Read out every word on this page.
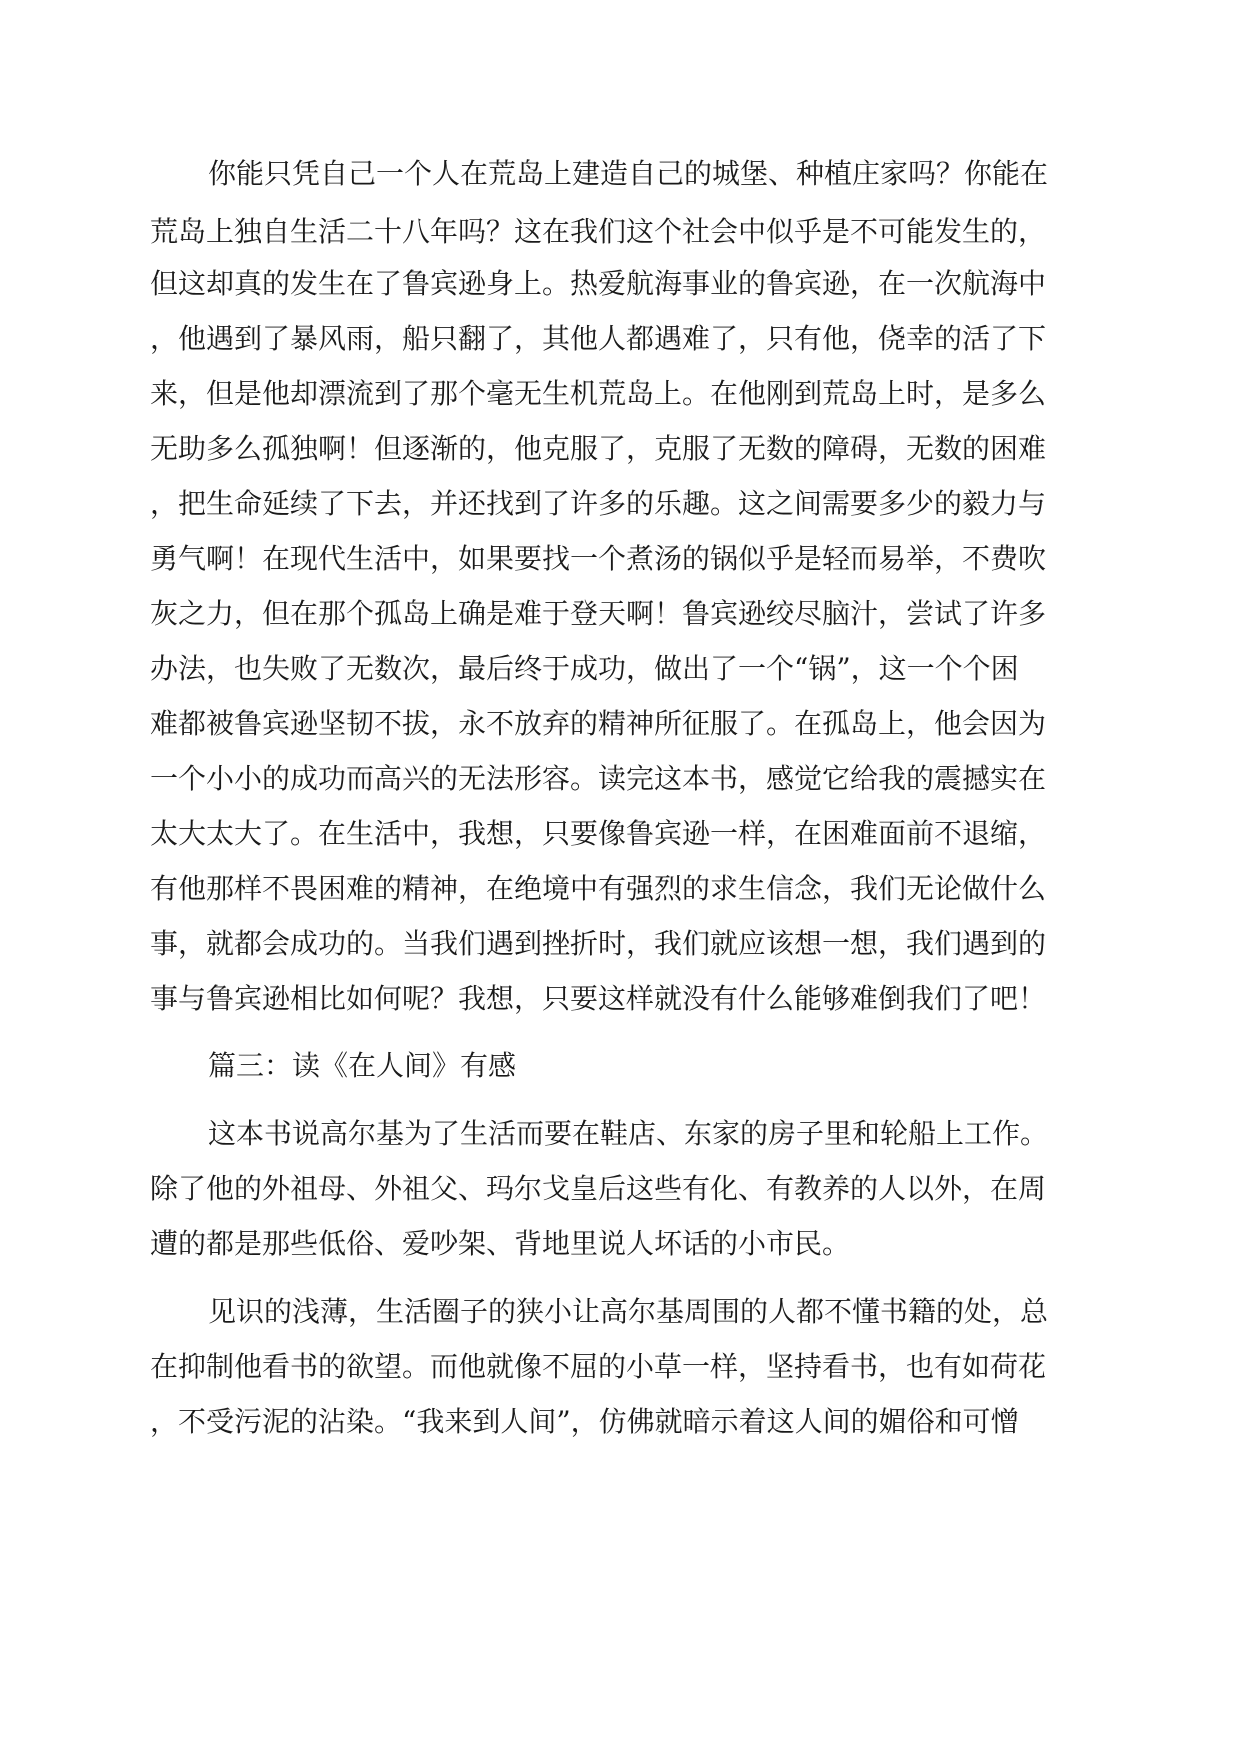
你能只凭自己一个人在荒岛上建造自己的城堡、种植庄家吗？你能在
荒岛上独自生活二十八年吗？这在我们这个社会中似乎是不可能发生的，
但这却真的发生在了鲁宾逊身上。热爱航海事业的鲁宾逊，在一次航海中
，他遇到了暴风雨，船只翻了，其他人都遇难了，只有他，侥幸的活了下
来，但是他却漂流到了那个毫无生机荒岛上。在他刚到荒岛上时，是多么
无助多么孤独啊！但逐渐的，他克服了，克服了无数的障碍，无数的困难
，把生命延续了下去，并还找到了许多的乐趣。这之间需要多少的毅力与
勇气啊！在现代生活中，如果要找一个煮汤的锅似乎是轻而易举，不费吹
灰之力，但在那个孤岛上确是难于登天啊！鲁宾逊绞尽脑汁，尝试了许多
办法，也失败了无数次，最后终于成功，做出了一个“锅”，这一个个困
难都被鲁宾逊坚韧不拔，永不放弃的精神所征服了。在孤岛上，他会因为
一个小小的成功而高兴的无法形容。读完这本书，感觉它给我的震撼实在
太大太大了。在生活中，我想，只要像鲁宾逊一样，在困难面前不退缩，
有他那样不畏困难的精神，在绝境中有强烈的求生信念，我们无论做什么
事，就都会成功的。当我们遇到挫折时，我们就应该想一想，我们遇到的
事与鲁宾逊相比如何呢？我想，只要这样就没有什么能够难倒我们了吧！
篇三：读《在人间》有感
这本书说高尔基为了生活而要在鞋店、东家的房子里和轮船上工作。
除了他的外祖母、外祖父、玛尔戈皇后这些有化、有教养的人以外，在周
遭的都是那些低俗、爱吵架、背地里说人坏话的小市民。
见识的浅薄，生活圈子的狭小让高尔基周围的人都不懂书籍的处，总
在抑制他看书的欲望。而他就像不屈的小草一样，坚持看书，也有如荷花
，不受污泥的沾染。“我来到人间”，仿佛就暗示着这人间的媚俗和可憎
